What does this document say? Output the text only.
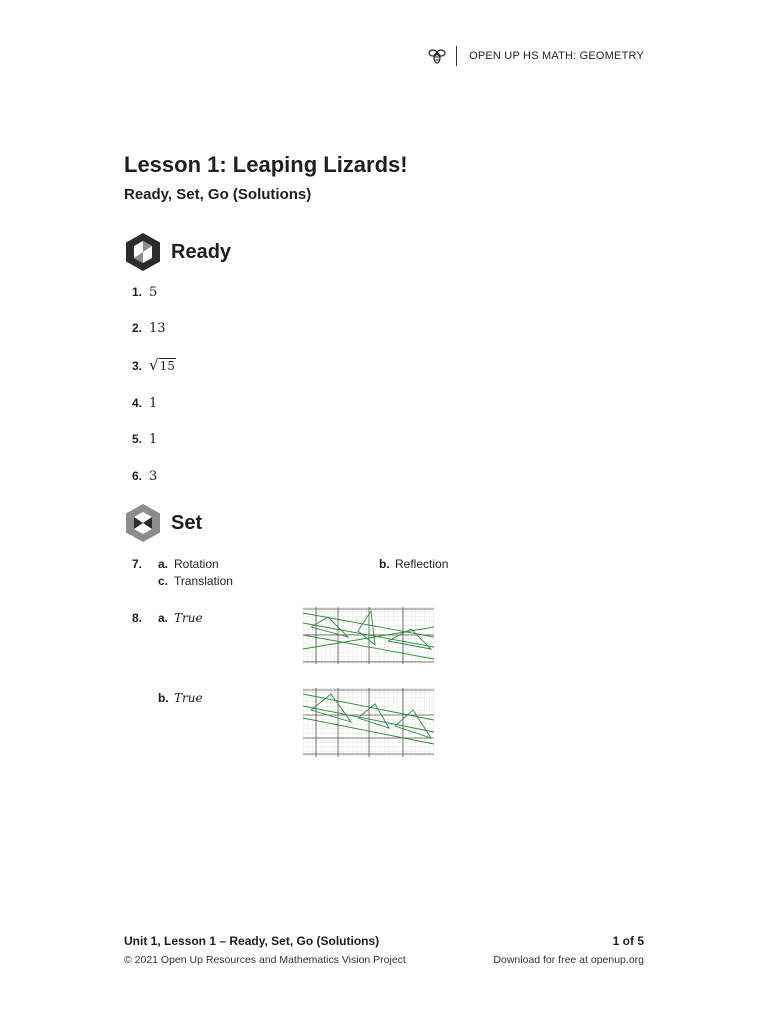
OPEN UP HS MATH: GEOMETRY
Lesson 1: Leaping Lizards!
Ready, Set, Go (Solutions)
Ready
1. 5
2. 13
3. √ 15
4. 1
5. 1
6. 3
Set
7.	a. Rotation	b. Reflection
c. Translation
8.	a. True
b. True
Unit 1, Lesson 1 – Ready, Set, Go (Solutions)
© 2021 Open Up Resources and Mathematics Vision Project
1 of 5
Download for free at openup.org
